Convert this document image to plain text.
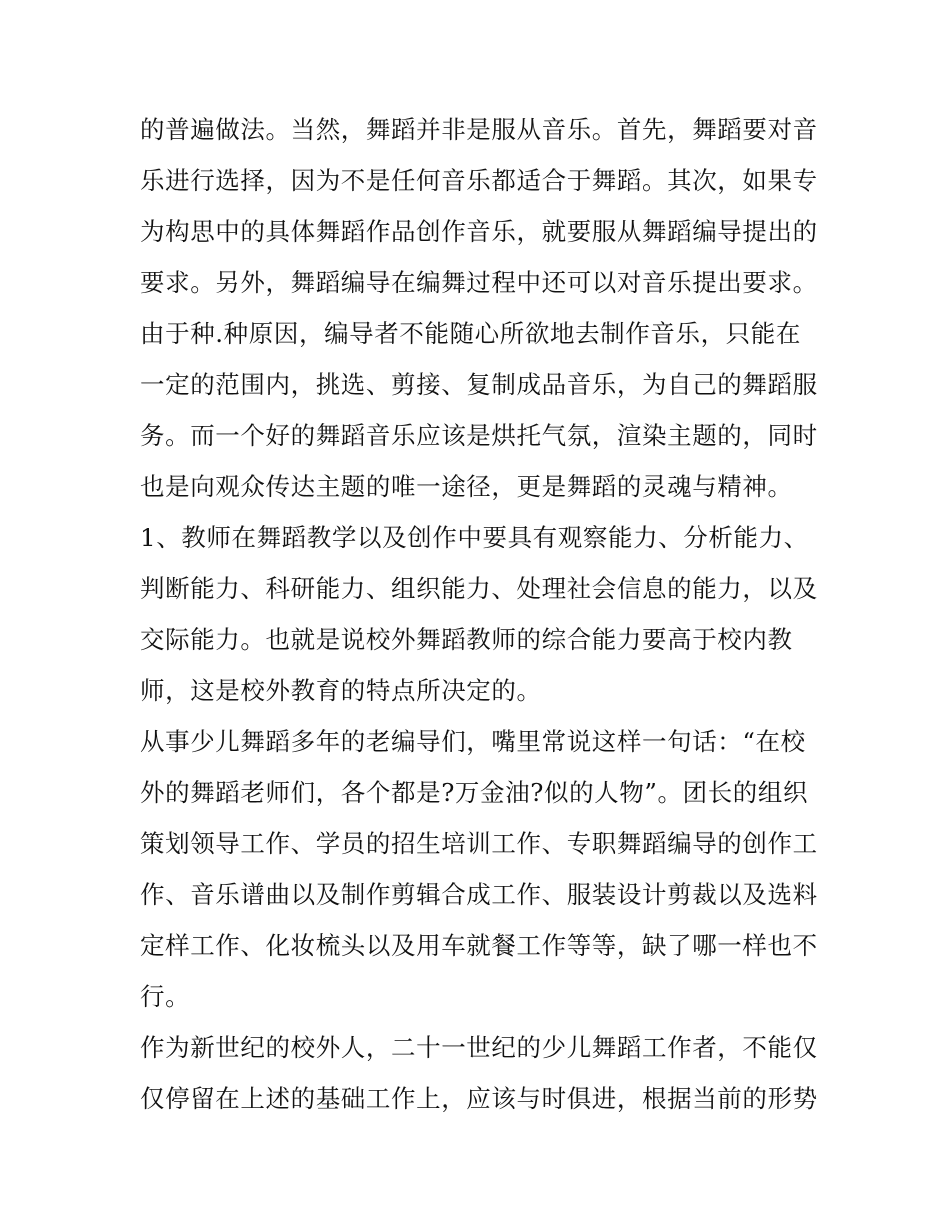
的普遍做法。当然，舞蹈并非是服从音乐。首先，舞蹈要对音
乐进行选择，因为不是任何音乐都适合于舞蹈。其次，如果专
为构思中的具体舞蹈作品创作音乐，就要服从舞蹈编导提出的
要求。另外，舞蹈编导在编舞过程中还可以对音乐提出要求。
由于种.种原因，编导者不能随心所欲地去制作音乐，只能在
一定的范围内，挑选、剪接、复制成品音乐，为自己的舞蹈服
务。而一个好的舞蹈音乐应该是烘托气氛，渲染主题的，同时
也是向观众传达主题的唯一途径，更是舞蹈的灵魂与精神。
1、教师在舞蹈教学以及创作中要具有观察能力、分析能力、
判断能力、科研能力、组织能力、处理社会信息的能力，以及
交际能力。也就是说校外舞蹈教师的综合能力要高于校内教
师，这是校外教育的特点所决定的。
从事少儿舞蹈多年的老编导们，嘴里常说这样一句话：“在校
外的舞蹈老师们，各个都是?万金油?似的人物”。团长的组织
策划领导工作、学员的招生培训工作、专职舞蹈编导的创作工
作、音乐谱曲以及制作剪辑合成工作、服装设计剪裁以及选料
定样工作、化妆梳头以及用车就餐工作等等，缺了哪一样也不
行。
作为新世纪的校外人，二十一世纪的少儿舞蹈工作者，不能仅
仅停留在上述的基础工作上，应该与时俱进，根据当前的形势
